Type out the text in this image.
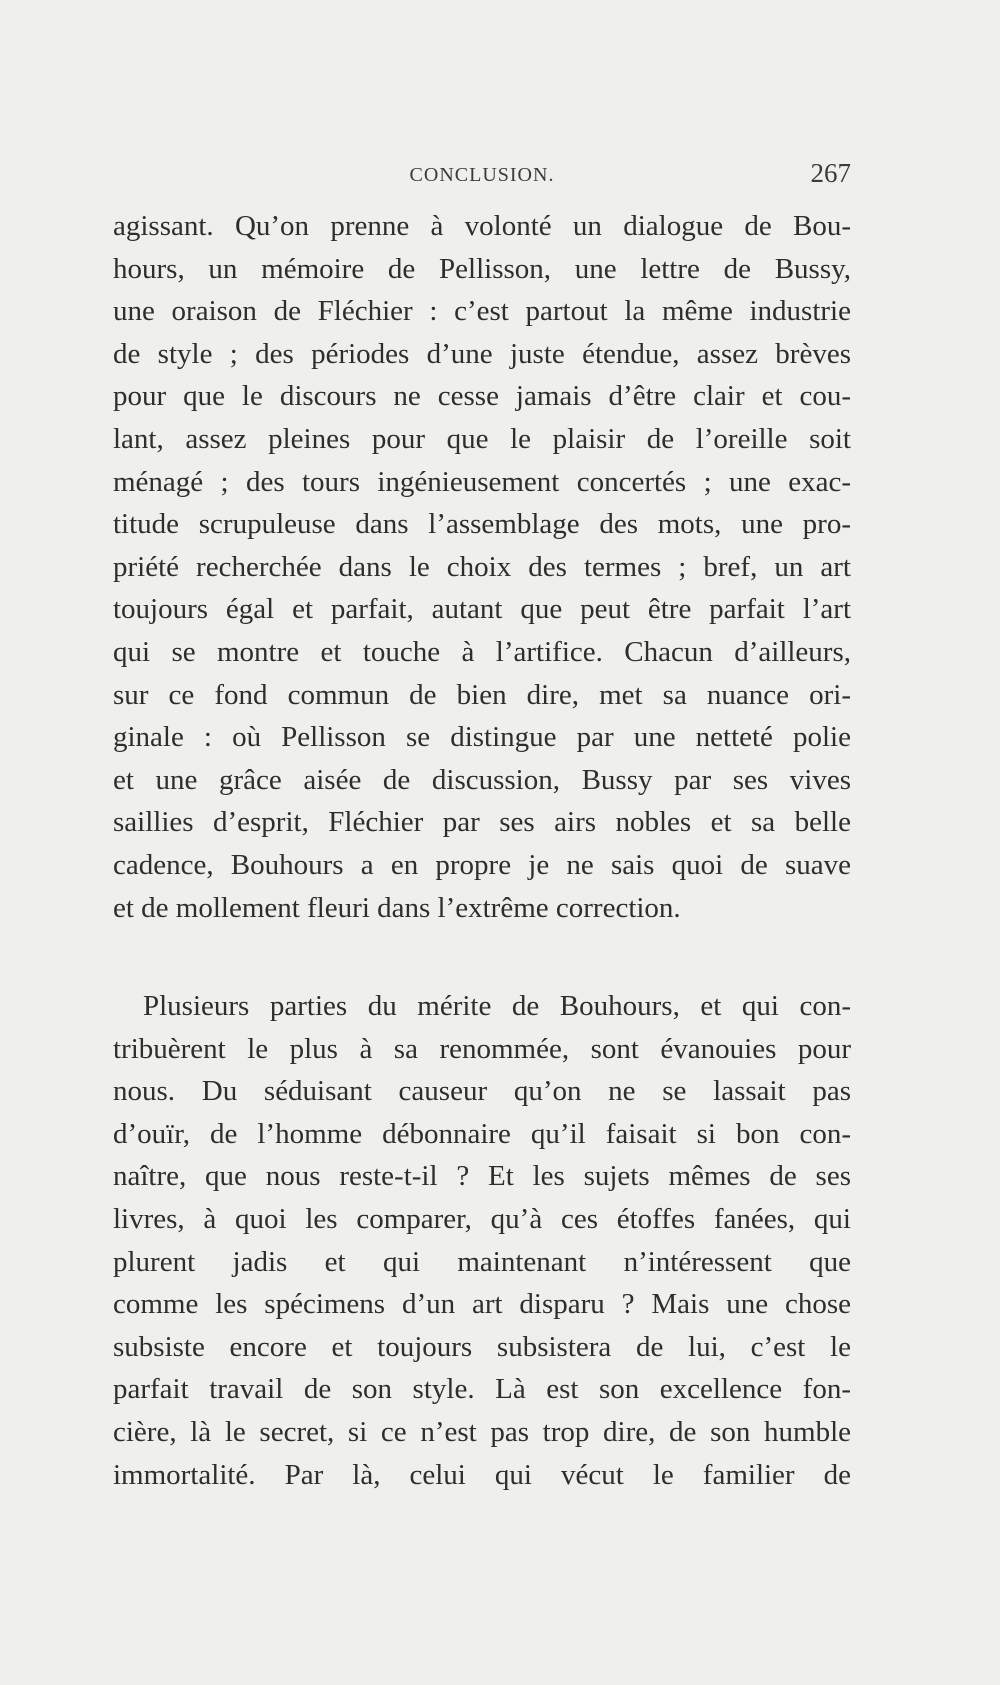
CONCLUSION.	267
agissant. Qu’on prenne à volonté un dialogue de Bou-
hours, un mémoire de Pellisson, une lettre de Bussy,
une oraison de Fléchier : c’est partout la même industrie
de style ; des périodes d’une juste étendue, assez brèves
pour que le discours ne cesse jamais d’être clair et cou-
lant, assez pleines pour que le plaisir de l’oreille soit
ménagé ; des tours ingénieusement concertés ; une exac-
titude scrupuleuse dans l’assemblage des mots, une pro-
priété recherchée dans le choix des termes ; bref, un art
toujours égal et parfait, autant que peut être parfait l’art
qui se montre et touche à l’artifice. Chacun d’ailleurs,
sur ce fond commun de bien dire, met sa nuance ori-
ginale : où Pellisson se distingue par une netteté polie
et une grâce aisée de discussion, Bussy par ses vives
saillies d’esprit, Fléchier par ses airs nobles et sa belle
cadence, Bouhours a en propre je ne sais quoi de suave
et de mollement fleuri dans l’extrême correction.
Plusieurs parties du mérite de Bouhours, et qui con-
tribuèrent le plus à sa renommée, sont évanouies pour
nous. Du séduisant causeur qu’on ne se lassait pas
d’ouïr, de l’homme débonnaire qu’il faisait si bon con-
naître, que nous reste-t-il ? Et les sujets mêmes de ses
livres, à quoi les comparer, qu’à ces étoffes fanées, qui
plurent jadis et qui maintenant n’intéressent que
comme les spécimens d’un art disparu ? Mais une chose
subsiste encore et toujours subsistera de lui, c’est le
parfait travail de son style. Là est son excellence fon-
cière, là le secret, si ce n’est pas trop dire, de son humble
immortalité. Par là, celui qui vécut le familier de
